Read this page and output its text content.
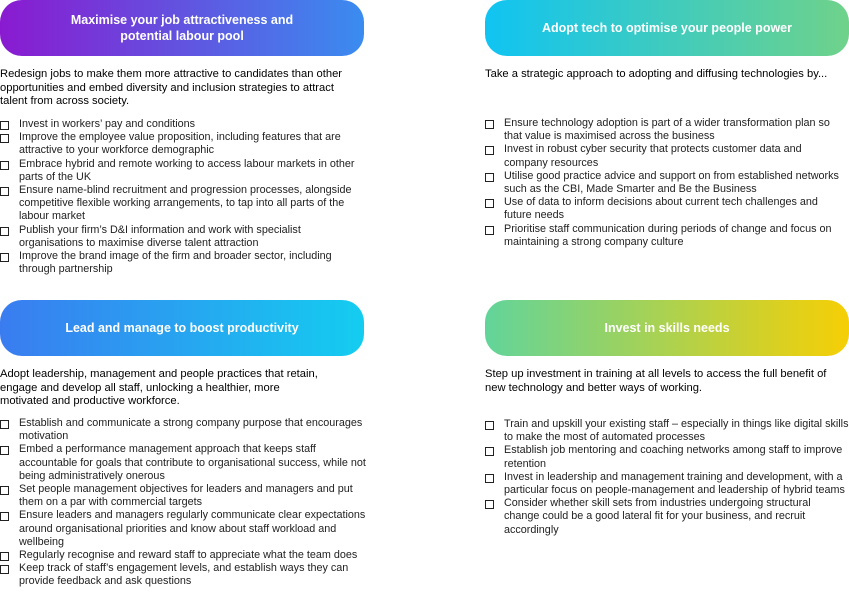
Maximise your job attractiveness and
potential labour pool
Redesign jobs to make them more attractive to candidates than other opportunities and embed diversity and inclusion strategies to attract talent from across society.
Invest in workers’ pay and conditions
Improve the employee value proposition, including features that are attractive to your workforce demographic
Embrace hybrid and remote working to access labour markets in other parts of the UK
Ensure name-blind recruitment and progression processes, alongside competitive flexible working arrangements, to tap into all parts of the labour market
Publish your firm’s D&I information and work with specialist organisations to maximise diverse talent attraction
Improve the brand image of the firm and broader sector, including through partnership
Adopt tech to optimise your people power
Take a strategic approach to adopting and diffusing technologies by...
Ensure technology adoption is part of a wider transformation plan so that value is maximised across the business
Invest in robust cyber security that protects customer data and company resources
Utilise good practice advice and support on from established networks such as the CBI, Made Smarter and Be the Business
Use of data to inform decisions about current tech challenges and future needs
Prioritise staff communication during periods of change and focus on maintaining a strong company culture
Lead and manage to boost productivity
Adopt leadership, management and people practices that retain, engage and develop all staff, unlocking a healthier, more motivated and productive workforce.
Establish and communicate a strong company purpose that encourages motivation
Embed a performance management approach that keeps staff accountable for goals that contribute to organisational success, while not being administratively onerous
Set people management objectives for leaders and managers and put them on a par with commercial targets
Ensure leaders and managers regularly communicate clear expectations around organisational priorities and know about staff workload and wellbeing
Regularly recognise and reward staff to appreciate what the team does
Keep track of staff’s engagement levels, and establish ways they can provide feedback and ask questions
Invest in skills needs
Step up investment in training at all levels to access the full benefit of new technology and better ways of working.
Train and upskill your existing staff – especially in things like digital skills to make the most of automated processes
Establish job mentoring and coaching networks among staff to improve retention
Invest in leadership and management training and development, with a particular focus on people-management and leadership of hybrid teams
Consider whether skill sets from industries undergoing structural change could be a good lateral fit for your business, and recruit accordingly
